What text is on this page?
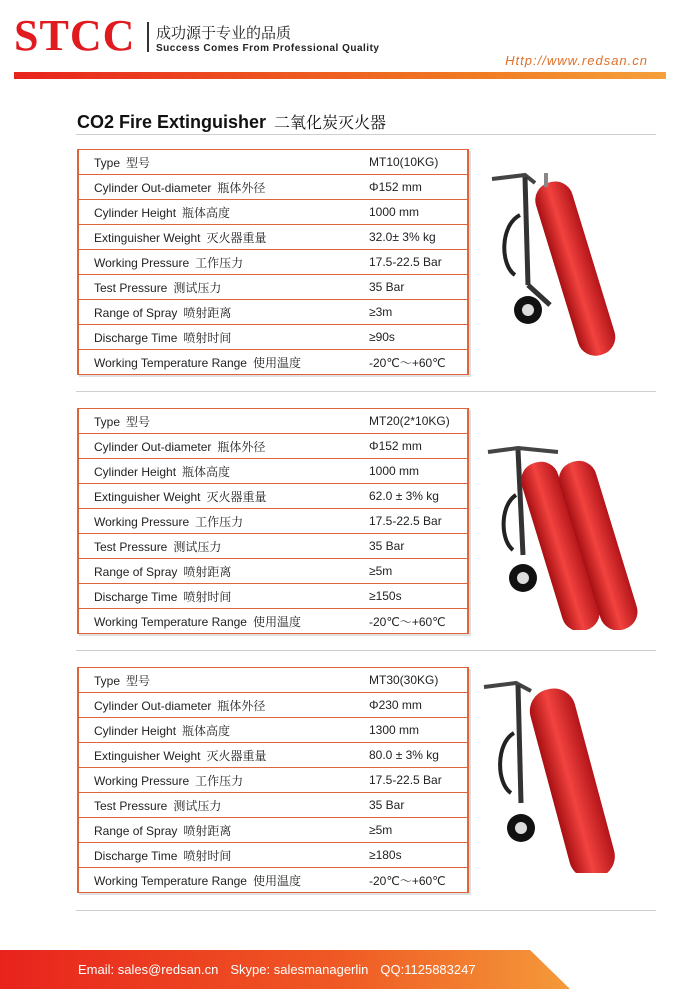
STCC 成功源于专业的品质
Success Comes From Professional Quality
Http://www.redsan.cn
CO2 Fire Extinguisher 二氧化炭灭火器
Type 型号	MT10(10KG)
Cylinder Out-diameter 瓶体外径	Φ152 mm
Cylinder Height 瓶体高度	1000 mm
Extinguisher Weight 灭火器重量	32.0± 3% kg
Working Pressure 工作压力	17.5-22.5 Bar
Test Pressure 测试压力	35 Bar
Range of Spray 喷射距离	≥3m
Discharge Time 喷射时间	≥90s
Working Temperature Range 使用温度	-20℃～+60℃
Type 型号	MT20(2*10KG)
Cylinder Out-diameter 瓶体外径	Φ152 mm
Cylinder Height 瓶体高度	1000 mm
Extinguisher Weight 灭火器重量	62.0 ± 3% kg
Working Pressure 工作压力	17.5-22.5 Bar
Test Pressure 测试压力	35 Bar
Range of Spray 喷射距离	≥5m
Discharge Time 喷射时间	≥150s
Working Temperature Range 使用温度	-20℃～+60℃
Type 型号	MT30(30KG)
Cylinder Out-diameter 瓶体外径	Φ230 mm
Cylinder Height 瓶体高度	1300 mm
Extinguisher Weight 灭火器重量	80.0 ± 3% kg
Working Pressure 工作压力	17.5-22.5 Bar
Test Pressure 测试压力	35 Bar
Range of Spray 喷射距离	≥5m
Discharge Time 喷射时间	≥180s
Working Temperature Range 使用温度	-20℃～+60℃
Email: sales@redsan.cn Skype: salesmanagerlin QQ:1125883247
